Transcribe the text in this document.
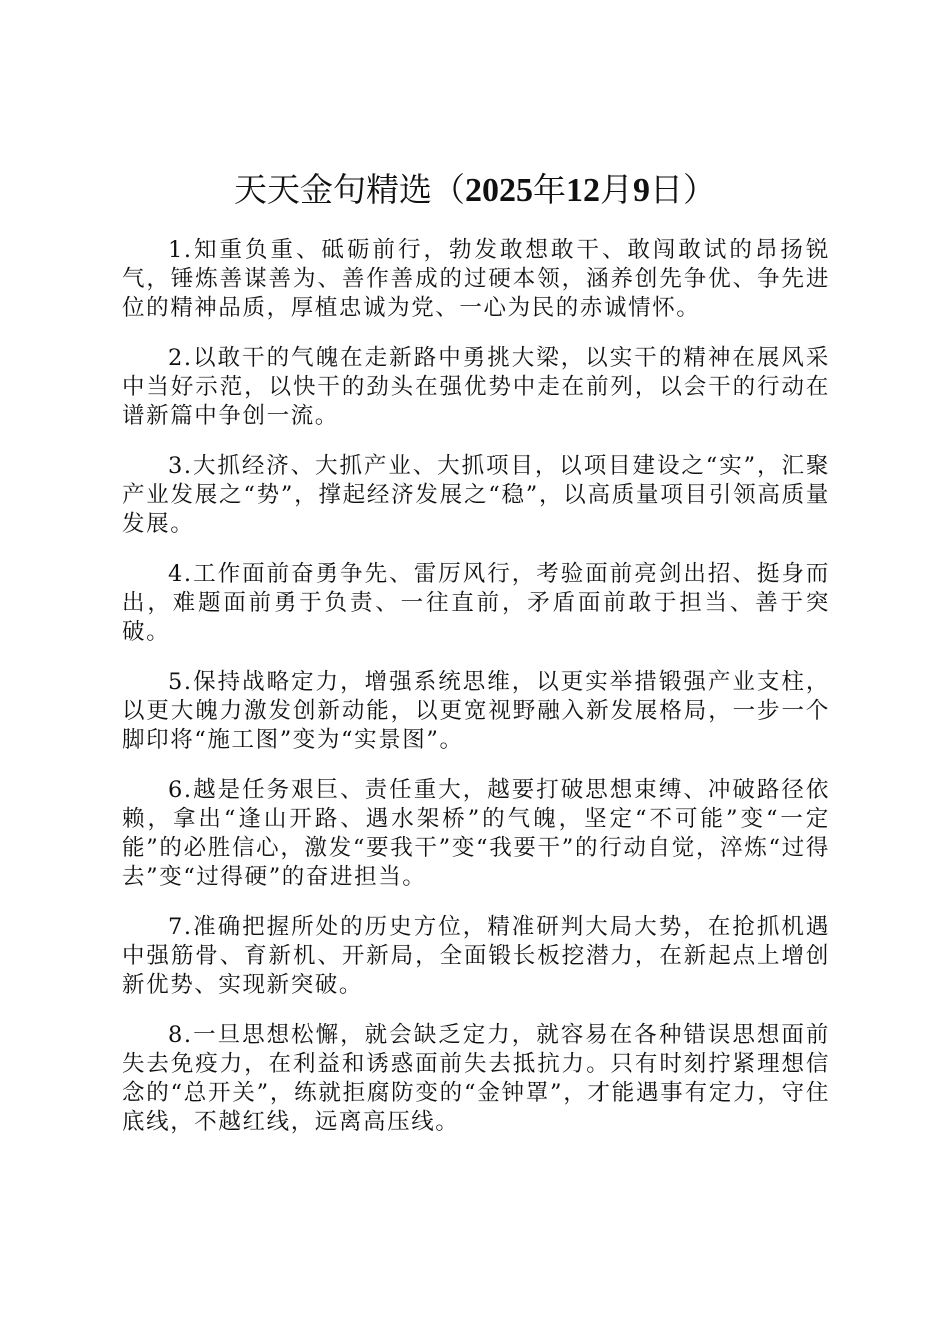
天天金句精选（2025年12月9日）

1.知重负重、砥砺前行，勃发敢想敢干、敢闯敢试的昂扬锐气，锤炼善谋善为、善作善成的过硬本领，涵养创先争优、争先进位的精神品质，厚植忠诚为党、一心为民的赤诚情怀。

2.以敢干的气魄在走新路中勇挑大梁，以实干的精神在展风采中当好示范，以快干的劲头在强优势中走在前列，以会干的行动在谱新篇中争创一流。

3.大抓经济、大抓产业、大抓项目，以项目建设之“实”，汇聚产业发展之“势”，撑起经济发展之“稳”，以高质量项目引领高质量发展。

4.工作面前奋勇争先、雷厉风行，考验面前亮剑出招、挺身而出，难题面前勇于负责、一往直前，矛盾面前敢于担当、善于突破。

5.保持战略定力，增强系统思维，以更实举措锻强产业支柱，以更大魄力激发创新动能，以更宽视野融入新发展格局，一步一个脚印将“施工图”变为“实景图”。

6.越是任务艰巨、责任重大，越要打破思想束缚、冲破路径依赖，拿出“逢山开路、遇水架桥”的气魄，坚定“不可能”变“一定能”的必胜信心，激发“要我干”变“我要干”的行动自觉，淬炼“过得去”变“过得硬”的奋进担当。

7.准确把握所处的历史方位，精准研判大局大势，在抢抓机遇中强筋骨、育新机、开新局，全面锻长板挖潜力，在新起点上增创新优势、实现新突破。

8.一旦思想松懈，就会缺乏定力，就容易在各种错误思想面前失去免疫力，在利益和诱惑面前失去抵抗力。只有时刻拧紧理想信念的“总开关”，练就拒腐防变的“金钟罩”，才能遇事有定力，守住底线，不越红线，远离高压线。
